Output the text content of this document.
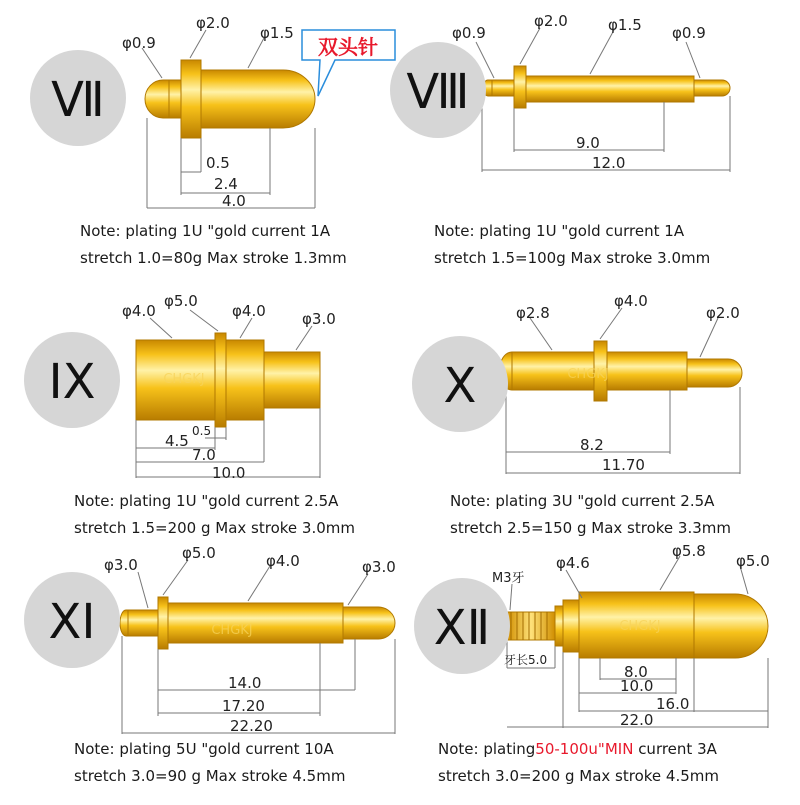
Ⅶ	Ⅷ
IX	X
XI	XⅡ
双头针
CHGKJ	CHGKJ
CHGKJ	CHGKJ
φ0.9
φ2.0
φ1.5
0.5
2.4
4.0
φ0.9
φ2.0	φ1.5 φ0.9
9.0
12.0
φ4.0
φ5.0
φ4.0 φ3.0
4.5
0.5
7.0
10.0
φ2.8
φ4.0
φ2.0
8.2
11.70
φ3.0
φ5.0	φ4.0	φ3.0
14.0
17.20
22.20
M3牙
牙长5.0
φ4.6
φ5.8
φ5.0
8.0
10.0
16.0
22.0
Note: plating 1U "gold current 1A
stretch 1.0=80g Max stroke 1.3mm
Note: plating 1U "gold current 1A
stretch 1.5=100g Max stroke 3.0mm
Note: plating 1U "gold current 2.5A
stretch 1.5=200 g Max stroke 3.0mm
Note: plating 3U "gold current 2.5A
stretch 2.5=150 g Max stroke 3.3mm
Note: plating 5U "gold current 10A
stretch 3.0=90 g Max stroke 4.5mm
Note: plating50-100u"MIN current 3A
stretch 3.0=200 g Max stroke 4.5mm
